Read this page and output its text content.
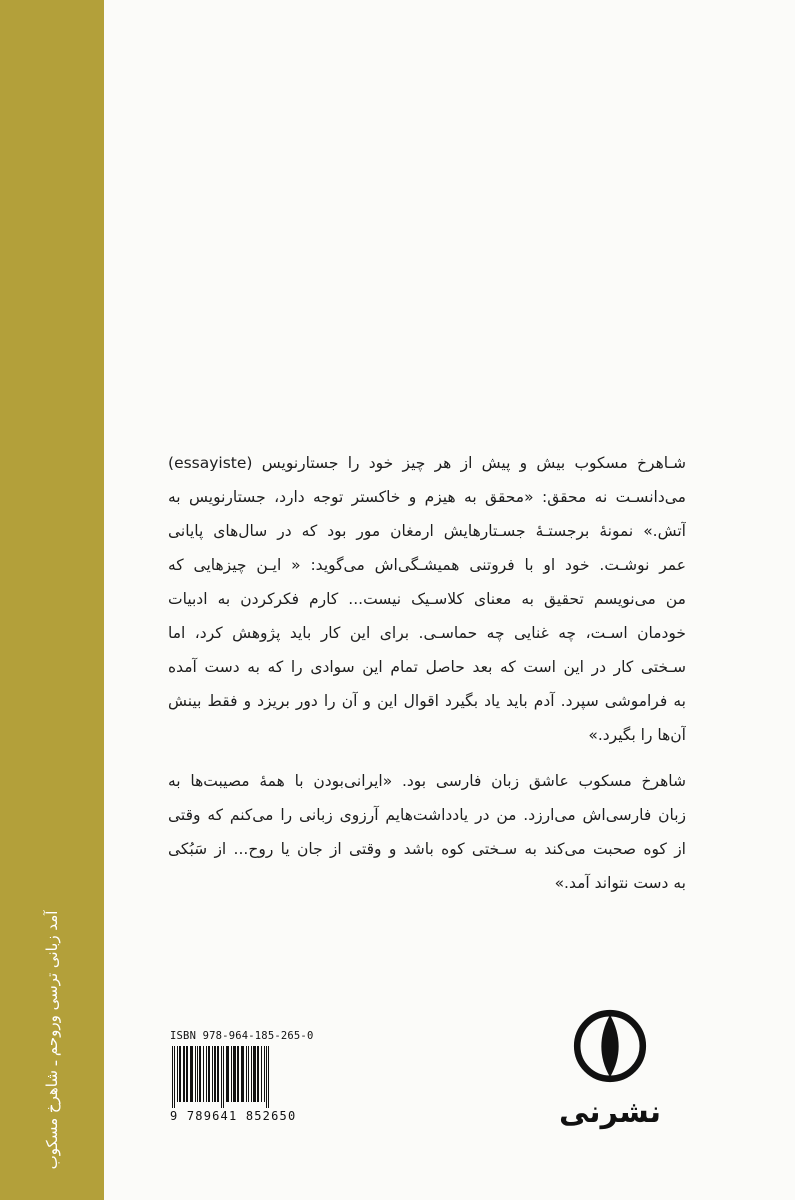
آمد زبانی ترسی وروحم ـ شاهرخ مسکوب

شـاهرخ مسکوب بیش و پیش از هر چیز خود را جستارنویس (essayiste)

می‌دانسـت نه محقق: «محقق به هیزم و خاکستر توجه دارد، جستارنویس به

آتش.» نمونهٔ برجستـهٔ جسـتارهایش ارمغان مور بود که در سال‌های پایانی

عمر نوشـت. خود او با فروتنی همیشـگی‌اش می‌گوید: « ایـن چیزهایی که

من می‌نویسم تحقیق به معنای کلاسـیک نیست... کارم فکرکردن به ادبیات

خودمان اسـت، چه غنایی چه حماسـی. برای این کار باید پژوهش کرد، اما

سـختی کار در این است که بعد حاصل تمام این سوادی را که به دست آمده

به فراموشی سپرد. آدم باید یاد بگیرد اقوال این و آن را دور بریزد و فقط بینش

آن‌ها را بگیرد.»

شاهرخ مسکوب عاشق زبان فارسی بود. «ایرانی‌بودن با همهٔ مصیبت‌ها به

زبان فارسی‌اش می‌ارزد. من در یادداشت‌هایم آرزوی زبانی را می‌کنم که وقتی

از کوه صحبت می‌کند به سـختی کوه باشد و وقتی از جان یا روح... از سَبُکی

به دست نتواند آمد.»

ISBN 978-964-185-265-0
9 789641 852650	نشرنی
